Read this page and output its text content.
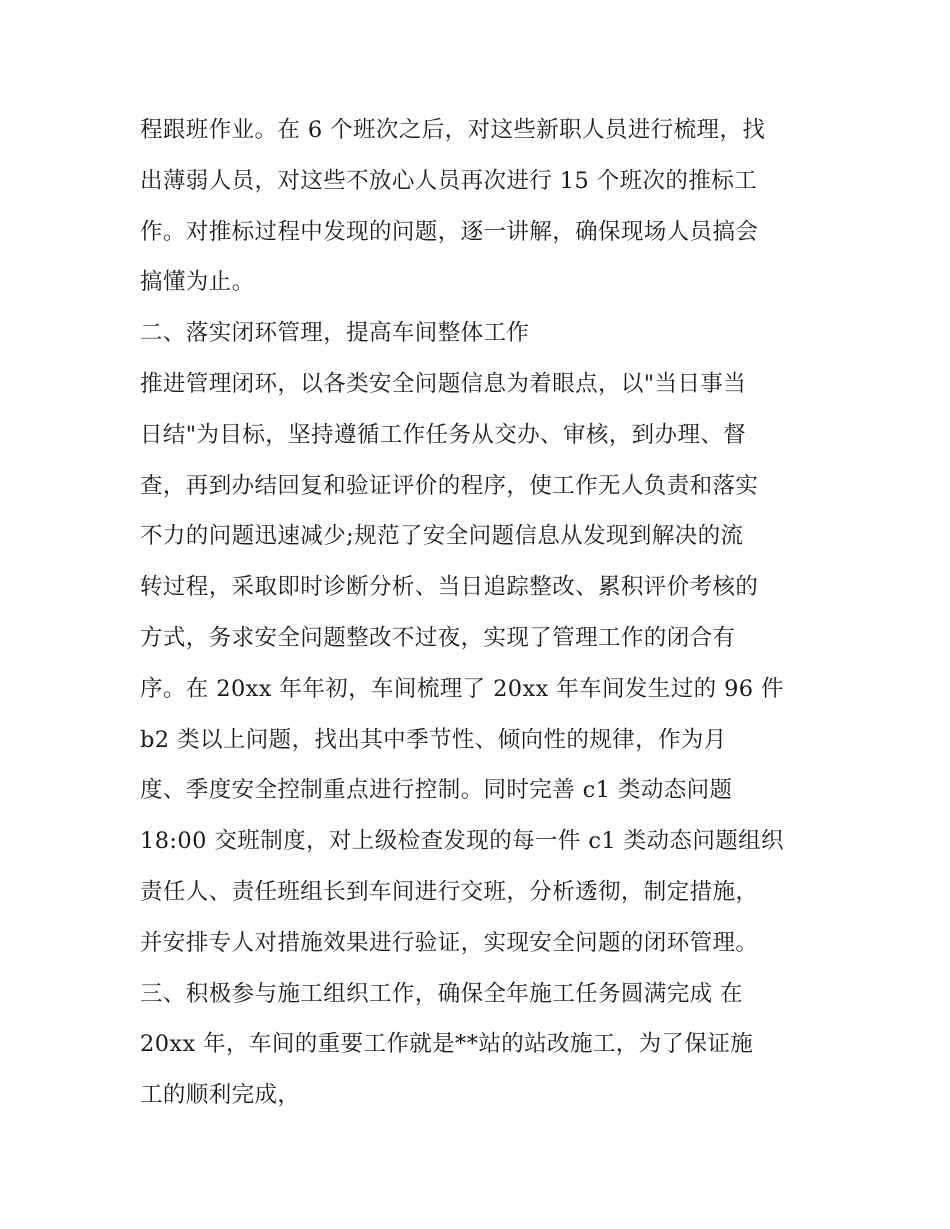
程跟班作业。在 6 个班次之后，对这些新职人员进行梳理，找
出薄弱人员，对这些不放心人员再次进行 15 个班次的推标工
作。对推标过程中发现的问题，逐一讲解，确保现场人员搞会
搞懂为止。
二、落实闭环管理，提高车间整体工作
推进管理闭环，以各类安全问题信息为着眼点，以"当日事当
日结"为目标，坚持遵循工作任务从交办、审核，到办理、督
查，再到办结回复和验证评价的程序，使工作无人负责和落实
不力的问题迅速减少;规范了安全问题信息从发现到解决的流
转过程，采取即时诊断分析、当日追踪整改、累积评价考核的
方式，务求安全问题整改不过夜，实现了管理工作的闭合有
序。在 20xx 年年初，车间梳理了 20xx 年车间发生过的 96 件
b2 类以上问题，找出其中季节性、倾向性的规律，作为月
度、季度安全控制重点进行控制。同时完善 c1 类动态问题
18:00 交班制度，对上级检查发现的每一件 c1 类动态问题组织
责任人、责任班组长到车间进行交班，分析透彻，制定措施，
并安排专人对措施效果进行验证，实现安全问题的闭环管理。
三、积极参与施工组织工作，确保全年施工任务圆满完成 在
20xx 年，车间的重要工作就是**站的站改施工，为了保证施
工的顺利完成，
